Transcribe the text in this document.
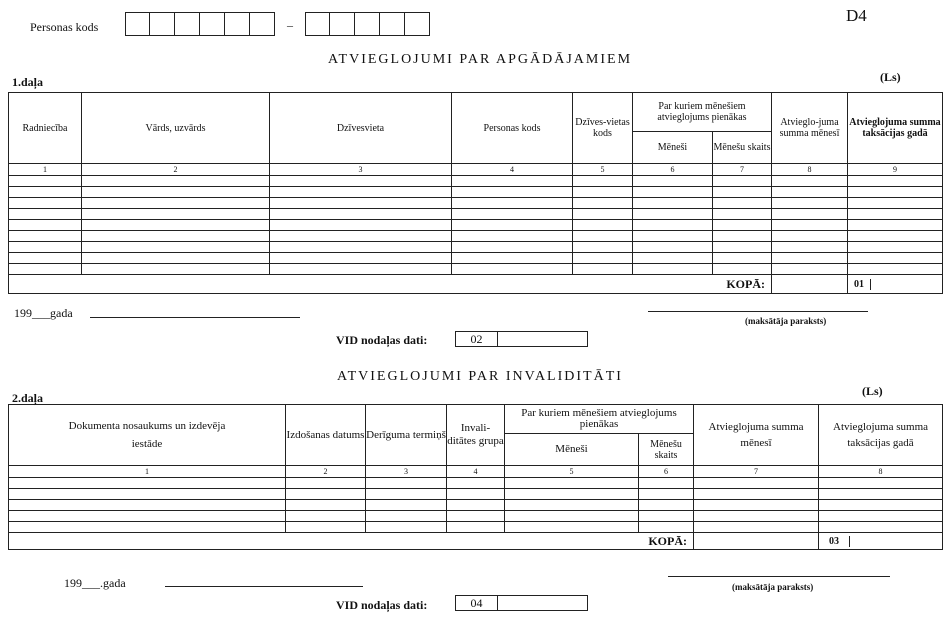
Personas kods	–	D4
ATVIEGLOJUMI PAR APGĀDĀJAMIEM
1.daļa	(Ls)
Radniecība	Vārds, uzvārds	Dzīvesvieta	Personas kods	Dzīves-vietas kods	Par kuriem mēnešiem atvieglojums pienākas		Atvieglo-juma summa mēnesī	Atvieglojuma summa taksācijas gadā
					Mēneši	Mēnešu skaits		
1	2	3	4	5	6	7	8	9

KOPĀ:								01
199___gada
(maksātāja paraksts)
VID nodaļas dati:	02
ATVIEGLOJUMI PAR INVALIDITĀTI
2.daļa	(Ls)
Dokumenta nosaukums un izdevēja iestāde	Izdošanas datums	Derīguma termiņš	Invali-ditātes grupa	Par kuriem mēnešiem atvieglojums pienākas		Atvieglojuma summa mēnesī	Atvieglojuma summa taksācijas gadā
				Mēneši	Mēnešu skaits		
1	2	3	4	5	6	7	8

KOPĀ:							03
199___.gada	(maksātāja paraksts)
VID nodaļas dati:	04
